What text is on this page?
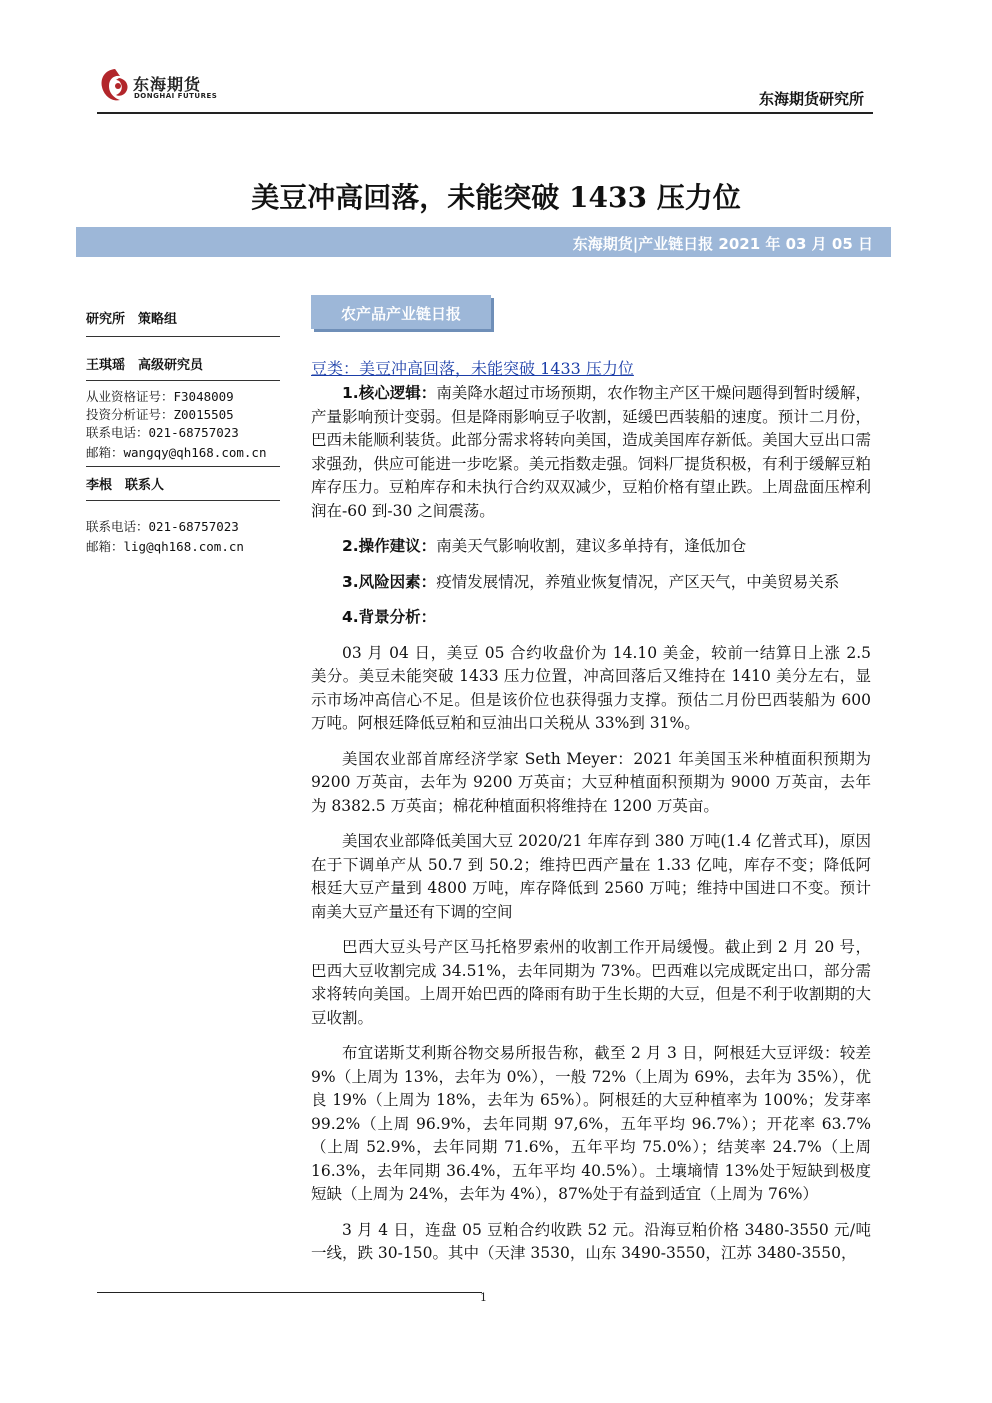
东海期货
DONGHAI FUTURES	东海期货研究所
美豆冲高回落，未能突破 1433 压力位
东海期货|产业链日报 2021 年 03 月 05 日
研究所　策略组
王琪瑶　高级研究员
从业资格证号：F3048009
投资分析证号：Z0015505
联系电话：021-68757023
邮箱：wangqy@qh168.com.cn
李根　联系人
联系电话：021-68757023
邮箱：lig@qh168.com.cn
农产品产业链日报
豆类：美豆冲高回落，未能突破 1433 压力位

1.核心逻辑：南美降水超过市场预期，农作物主产区干燥问题得到暂时缓解，产量影响预计变弱。但是降雨影响豆子收割，延缓巴西装船的速度。预计二月份，巴西未能顺利装货。此部分需求将转向美国，造成美国库存新低。美国大豆出口需求强劲，供应可能进一步吃紧。美元指数走强。饲料厂提货积极，有利于缓解豆粕库存压力。豆粕库存和未执行合约双双减少，豆粕价格有望止跌。上周盘面压榨利润在-60 到-30 之间震荡。

2.操作建议：南美天气影响收割，建议多单持有，逢低加仓

3.风险因素：疫情发展情况，养殖业恢复情况，产区天气，中美贸易关系

4.背景分析：

03 月 04 日，美豆 05 合约收盘价为 14.10 美金，较前一结算日上涨 2.5 美分。美豆未能突破 1433 压力位置，冲高回落后又维持在 1410 美分左右，显示市场冲高信心不足。但是该价位也获得强力支撑。预估二月份巴西装船为 600 万吨。阿根廷降低豆粕和豆油出口关税从 33%到 31%。

美国农业部首席经济学家 Seth Meyer：2021 年美国玉米种植面积预期为 9200 万英亩，去年为 9200 万英亩；大豆种植面积预期为 9000 万英亩，去年为 8382.5 万英亩；棉花种植面积将维持在 1200 万英亩。

美国农业部降低美国大豆 2020/21 年库存到 380 万吨(1.4 亿普式耳)，原因在于下调单产从 50.7 到 50.2；维持巴西产量在 1.33 亿吨，库存不变；降低阿根廷大豆产量到 4800 万吨，库存降低到 2560 万吨；维持中国进口不变。预计南美大豆产量还有下调的空间

巴西大豆头号产区马托格罗索州的收割工作开局缓慢。截止到 2 月 20 号，巴西大豆收割完成 34.51%，去年同期为 73%。巴西难以完成既定出口，部分需求将转向美国。上周开始巴西的降雨有助于生长期的大豆，但是不利于收割期的大豆收割。

布宜诺斯艾利斯谷物交易所报告称，截至 2 月 3 日，阿根廷大豆评级：较差 9%（上周为 13%，去年为 0%），一般 72%（上周为 69%，去年为 35%），优良 19%（上周为 18%，去年为 65%）。阿根廷的大豆种植率为 100%；发芽率 99.2%（上周 96.9%，去年同期 97,6%，五年平均 96.7%）；开花率 63.7%（上周 52.9%，去年同期 71.6%，五年平均 75.0%）；结荚率 24.7%（上周 16.3%，去年同期 36.4%，五年平均 40.5%）。土壤墒情 13%处于短缺到极度短缺（上周为 24%，去年为 4%），87%处于有益到适宜（上周为 76%）

3 月 4 日，连盘 05 豆粕合约收跌 52 元。沿海豆粕价格 3480-3550 元/吨一线，跌 30-150。其中（天津 3530，山东 3490-3550，江苏 3480-3550，

1
